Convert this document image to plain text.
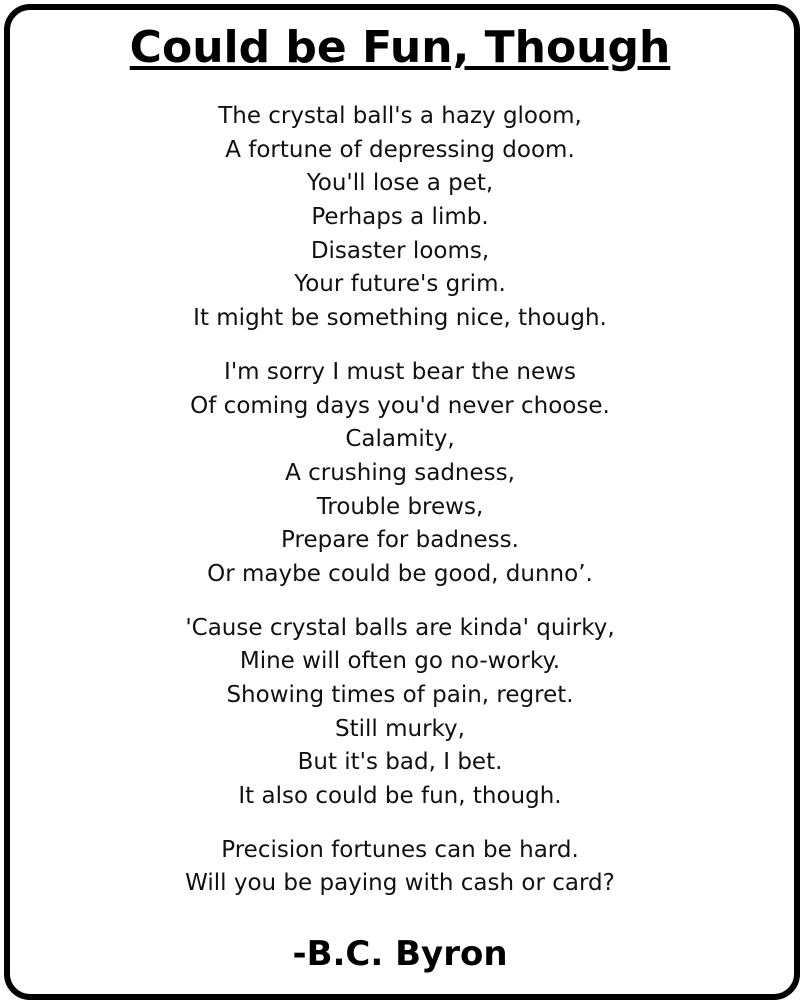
Could be Fun, Though
The crystal ball's a hazy gloom,
A fortune of depressing doom.
You'll lose a pet,
Perhaps a limb.
Disaster looms,
Your future's grim.
It might be something nice, though.
I'm sorry I must bear the news
Of coming days you'd never choose.
Calamity,
A crushing sadness,
Trouble brews,
Prepare for badness.
Or maybe could be good, dunno’.
'Cause crystal balls are kinda' quirky,
Mine will often go no-worky.
Showing times of pain, regret.
Still murky,
But it's bad, I bet.
It also could be fun, though.
Precision fortunes can be hard.
Will you be paying with cash or card?
-B.C. Byron
